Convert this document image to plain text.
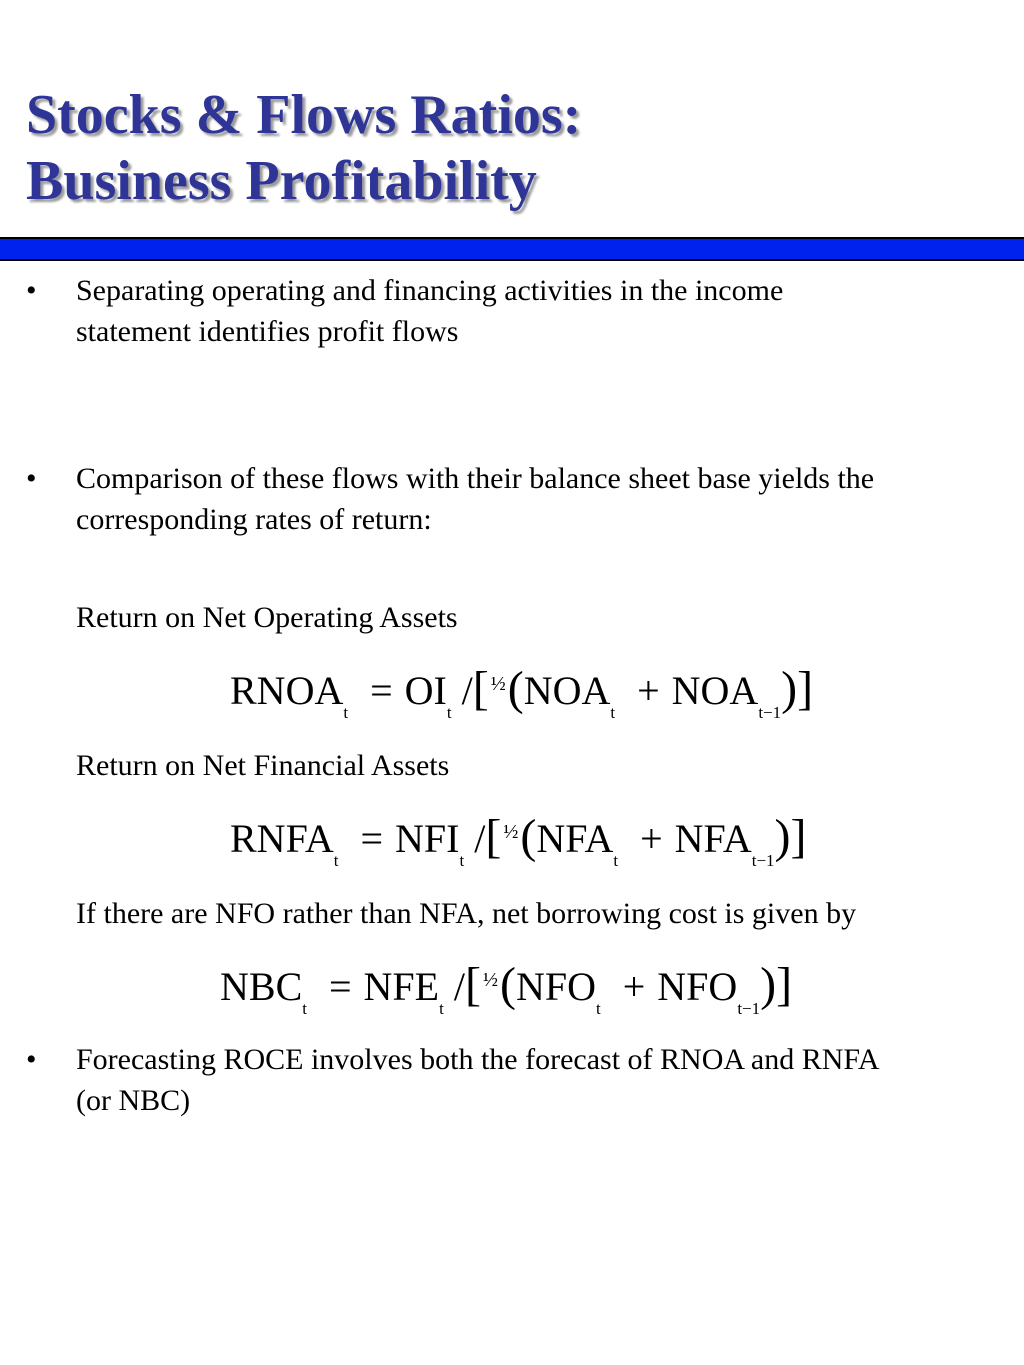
Stocks & Flows Ratios:
Business Profitability
• Separating operating and financing activities in the income
statement identifies profit flows
• Comparison of these flows with their balance sheet base yields the
corresponding rates of return:
Return on Net Operating Assets
$RNOA_t = OI_t$ /[ $^{\frac{1}{2}}(NOA_t + NOA_{t-1})$]
Return on Net Financial Assets
$RNFA_t = NFI_t$ /[ $^{\frac{1}{2}}(NFA_t + NFA_{t-1})$]
If there are NFO rather than NFA, net borrowing cost is given by
$NBC_t = NFE_t$ /[ $^{\frac{1}{2}}(NFO_t + NFO_{t-1})$]
• Forecasting ROCE involves both the forecast of RNOA and RNFA
(or NBC)
